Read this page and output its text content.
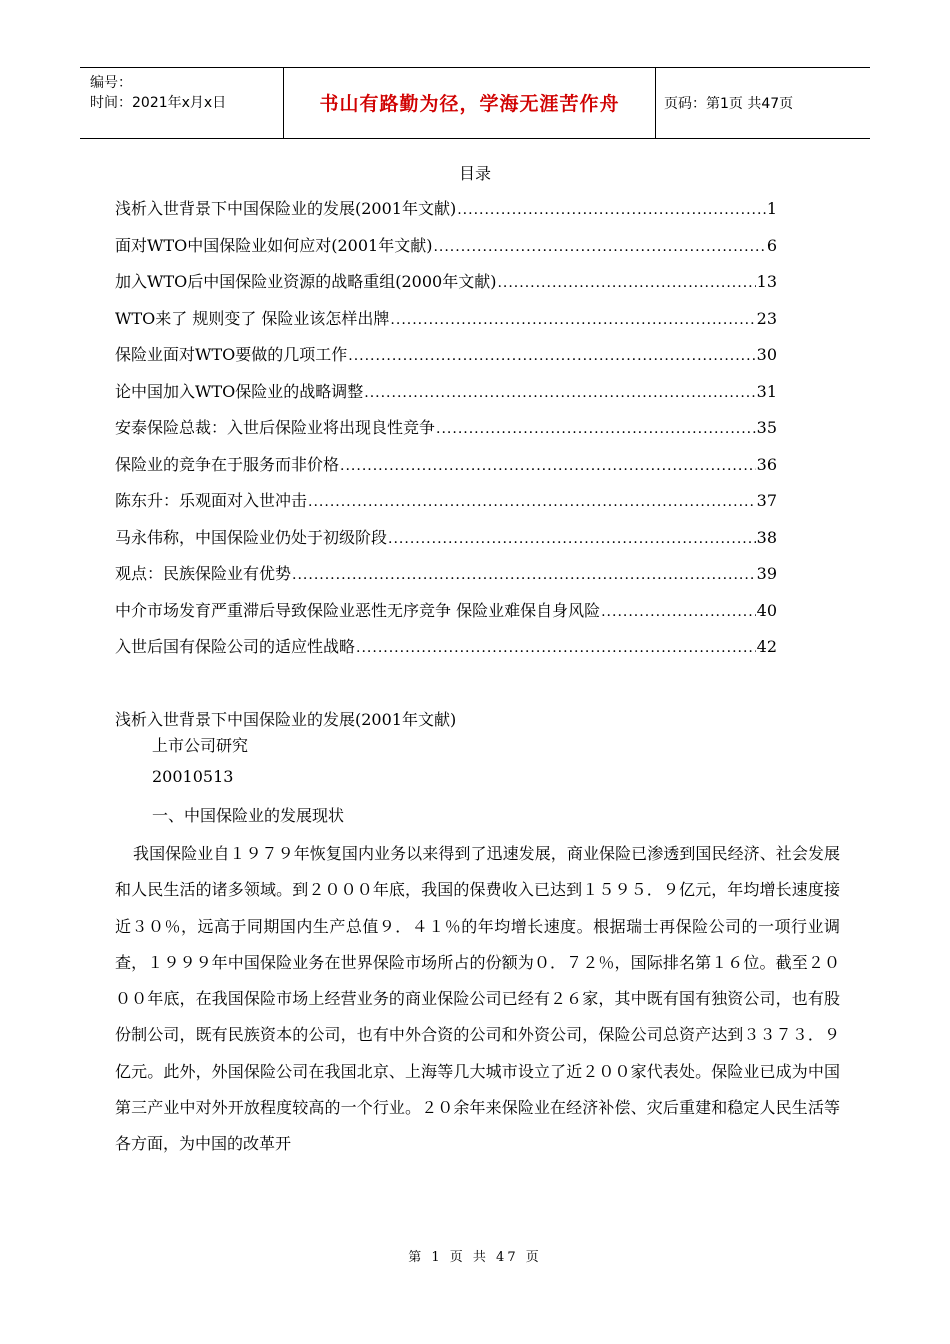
编号：
时间：2021年x月x日	书山有路勤为径，学海无涯苦作舟	页码：第1页 共47页
目录
浅析入世背景下中国保险业的发展(2001年文献) .....	1
面对WTO中国保险业如何应对(2001年文献) .....	6
加入WTO后中国保险业资源的战略重组(2000年文献) .....	13
WTO来了 规则变了 保险业该怎样出牌 .....	23
保险业面对WTO要做的几项工作 .....	30
论中国加入WTO保险业的战略调整 .....	31
安泰保险总裁：入世后保险业将出现良性竞争 .....	35
保险业的竞争在于服务而非价格 .....	36
陈东升：乐观面对入世冲击 .....	37
马永伟称，中国保险业仍处于初级阶段 .....	38
观点：民族保险业有优势 .....	39
中介市场发育严重滞后导致保险业恶性无序竞争 保险业难保自身风险 .....	40
入世后国有保险公司的适应性战略 .....	42
浅析入世背景下中国保险业的发展(2001年文献)
上市公司研究
20010513
一、中国保险业的发展现状
我国保险业自１９７９年恢复国内业务以来得到了迅速发展，商业保险已渗透到国民经济、社会发展和人民生活的诸多领域。到２０００年底，我国的保费收入已达到１５９５．９亿元，年均增长速度接近３０％，远高于同期国内生产总值９．４１％的年均增长速度。根据瑞士再保险公司的一项行业调查，１９９９年中国保险业务在世界保险市场所占的份额为０．７２％，国际排名第１６位。截至２０００年底，在我国保险市场上经营业务的商业保险公司已经有２６家，其中既有国有独资公司，也有股份制公司，既有民族资本的公司，也有中外合资的公司和外资公司，保险公司总资产达到３３７３．９亿元。此外，外国保险公司在我国北京、上海等几大城市设立了近２００家代表处。保险业已成为中国第三产业中对外开放程度较高的一个行业。２０余年来保险业在经济补偿、灾后重建和稳定人民生活等各方面，为中国的改革开
第 1 页 共 47 页
